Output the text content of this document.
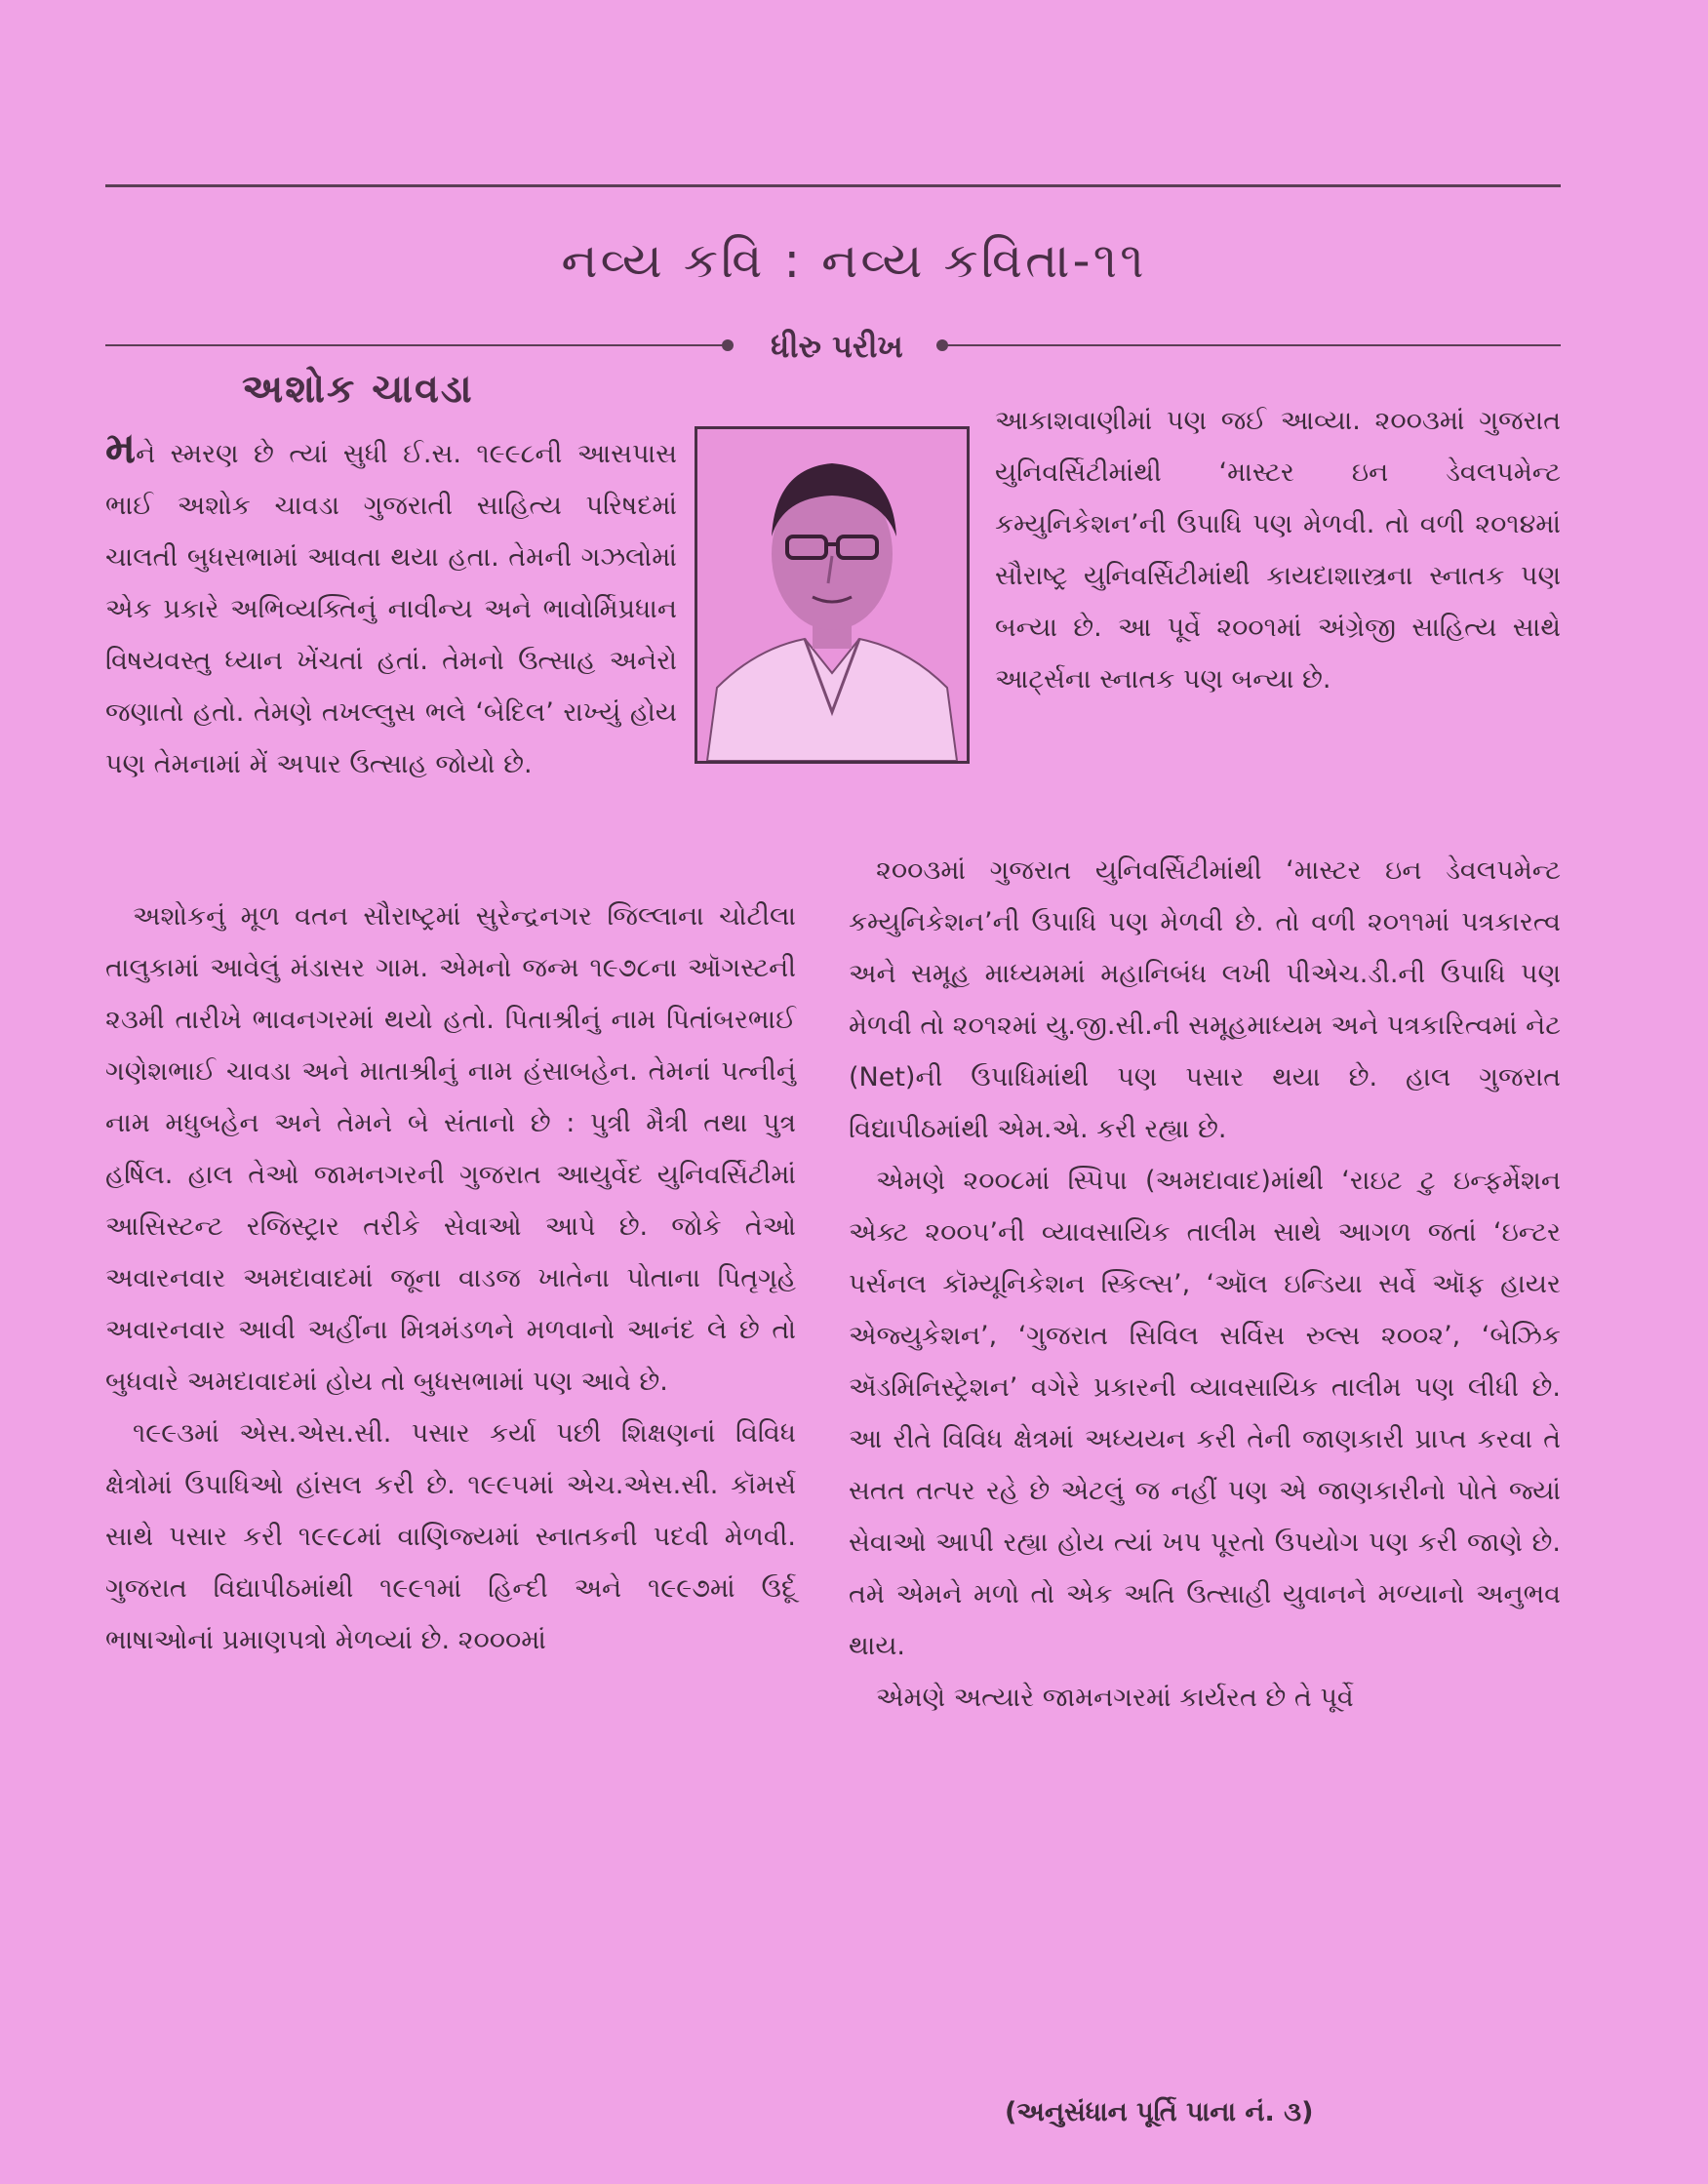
નવ્ય કવિ : નવ્ય કવિતા-૧૧
ધીરુ પરીખ
અશોક ચાવડા

મને સ્મરણ છે ત્યાં સુધી ઈ.સ. ૧૯૯૮ની આસપાસ ભાઈ અશોક ચાવડા ગુજરાતી સાહિત્ય પરિષદમાં ચાલતી બુધસભામાં આવતા થયા હતા. તેમની ગઝલોમાં એક પ્રકારે અભિવ્યક્તિનું નાવીન્ય અને ભાવોર્મિપ્રધાન વિષયવસ્તુ ધ્યાન ખેંચતાં હતાં. તેમનો ઉત્સાહ અનેરો જણાતો હતો. તેમણે તખલ્લુસ ભલે ‘બેદિલ’ રાખ્યું હોય પણ તેમનામાં મેં અપાર ઉત્સાહ જોયો છે.

અશોકનું મૂળ વતન સૌરાષ્ટ્રમાં સુરેન્દ્રનગર જિલ્લાના ચોટીલા તાલુકામાં આવેલું મંડાસર ગામ. એમનો જન્મ ૧૯૭૮ના ઑગસ્ટની ૨૩મી તારીખે ભાવનગરમાં થયો હતો. પિતાશ્રીનું નામ પિતાંબરભાઈ ગણેશભાઈ ચાવડા અને માતાશ્રીનું નામ હંસાબહેન. તેમનાં પત્નીનું નામ મધુબહેન અને તેમને બે સંતાનો છે : પુત્રી મૈત્રી તથા પુત્ર હર્ષિલ. હાલ તેઓ જામનગરની ગુજરાત આયુર્વેદ યુનિવર્સિટીમાં આસિસ્ટન્ટ રજિસ્ટ્રાર તરીકે સેવાઓ આપે છે. જોકે તેઓ અવારનવાર અમદાવાદમાં જૂના વાડજ ખાતેના પોતાના પિતૃગૃહે અવારનવાર આવી અહીંના મિત્રમંડળને મળવાનો આનંદ લે છે તો બુધવારે અમદાવાદમાં હોય તો બુધસભામાં પણ આવે છે.

૧૯૯૩માં એસ.એસ.સી. પસાર કર્યા પછી શિક્ષણનાં વિવિધ ક્ષેત્રોમાં ઉપાધિઓ હાંસલ કરી છે. ૧૯૯૫માં એચ.એસ.સી. કૉમર્સ સાથે પસાર કરી ૧૯૯૮માં વાણિજ્યમાં સ્નાતકની પદવી મેળવી. ગુજરાત વિદ્યાપીઠમાંથી ૧૯૯૧માં હિન્દી અને ૧૯૯૭માં ઉર્દૂ ભાષાઓનાં પ્રમાણપત્રો મેળવ્યાં છે. ૨૦૦૦માં

આકાશવાણીમાં પણ જઈ આવ્યા. ૨૦૦૩માં ગુજરાત યુનિવર્સિટીમાંથી ‘માસ્ટર ઇન ડેવલપમેન્ટ કમ્યુનિકેશન’ની ઉપાધિ પણ મેળવી. તો વળી ૨૦૧૪માં સૌરાષ્ટ્ર યુનિવર્સિટીમાંથી કાયદાશાસ્ત્રના સ્નાતક પણ બન્યા છે. આ પૂર્વે ૨૦૦૧માં અંગ્રેજી સાહિત્ય સાથે આર્ટ્સના સ્નાતક પણ બન્યા છે.

૨૦૦૩માં ગુજરાત યુનિવર્સિટીમાંથી ‘માસ્ટર ઇન ડેવલપમેન્ટ કમ્યુનિકેશન’ની ઉપાધિ પણ મેળવી છે. તો વળી ૨૦૧૧માં પત્રકારત્વ અને સમૂહ માધ્યમમાં મહાનિબંધ લખી પીએચ.ડી.ની ઉપાધિ પણ મેળવી તો ૨૦૧૨માં યુ.જી.સી.ની સમૂહમાધ્યમ અને પત્રકારિત્વમાં નેટ (Net)ની ઉપાધિમાંથી પણ પસાર થયા છે. હાલ ગુજરાત વિદ્યાપીઠમાંથી એમ.એ. કરી રહ્યા છે.

એમણે ૨૦૦૮માં સ્પિપા (અમદાવાદ)માંથી ‘રાઇટ ટુ ઇન્ફર્મેશન એક્ટ ૨૦૦૫’ની વ્યાવસાયિક તાલીમ સાથે આગળ જતાં ‘ઇન્ટર પર્સનલ કૉમ્યૂનિકેશન સ્કિલ્સ’, ‘ઑલ ઇન્ડિયા સર્વે ઑફ હાયર એજ્યુકેશન’, ‘ગુજરાત સિવિલ સર્વિસ રુલ્સ ૨૦૦૨’, ‘બેઝિક ઍડમિનિસ્ટ્રેશન’ વગેરે પ્રકારની વ્યાવસાયિક તાલીમ પણ લીધી છે. આ રીતે વિવિધ ક્ષેત્રમાં અધ્યયન કરી તેની જાણકારી પ્રાપ્ત કરવા તે સતત તત્પર રહે છે એટલું જ નહીં પણ એ જાણકારીનો પોતે જ્યાં સેવાઓ આપી રહ્યા હોય ત્યાં ખપ પૂરતો ઉપયોગ પણ કરી જાણે છે. તમે એમને મળો તો એક અતિ ઉત્સાહી યુવાનને મળ્યાનો અનુભવ થાય.

એમણે અત્યારે જામનગરમાં કાર્યરત છે તે પૂર્વે

(અનુસંધાન પૂર્તિ પાના નં. ૩)
